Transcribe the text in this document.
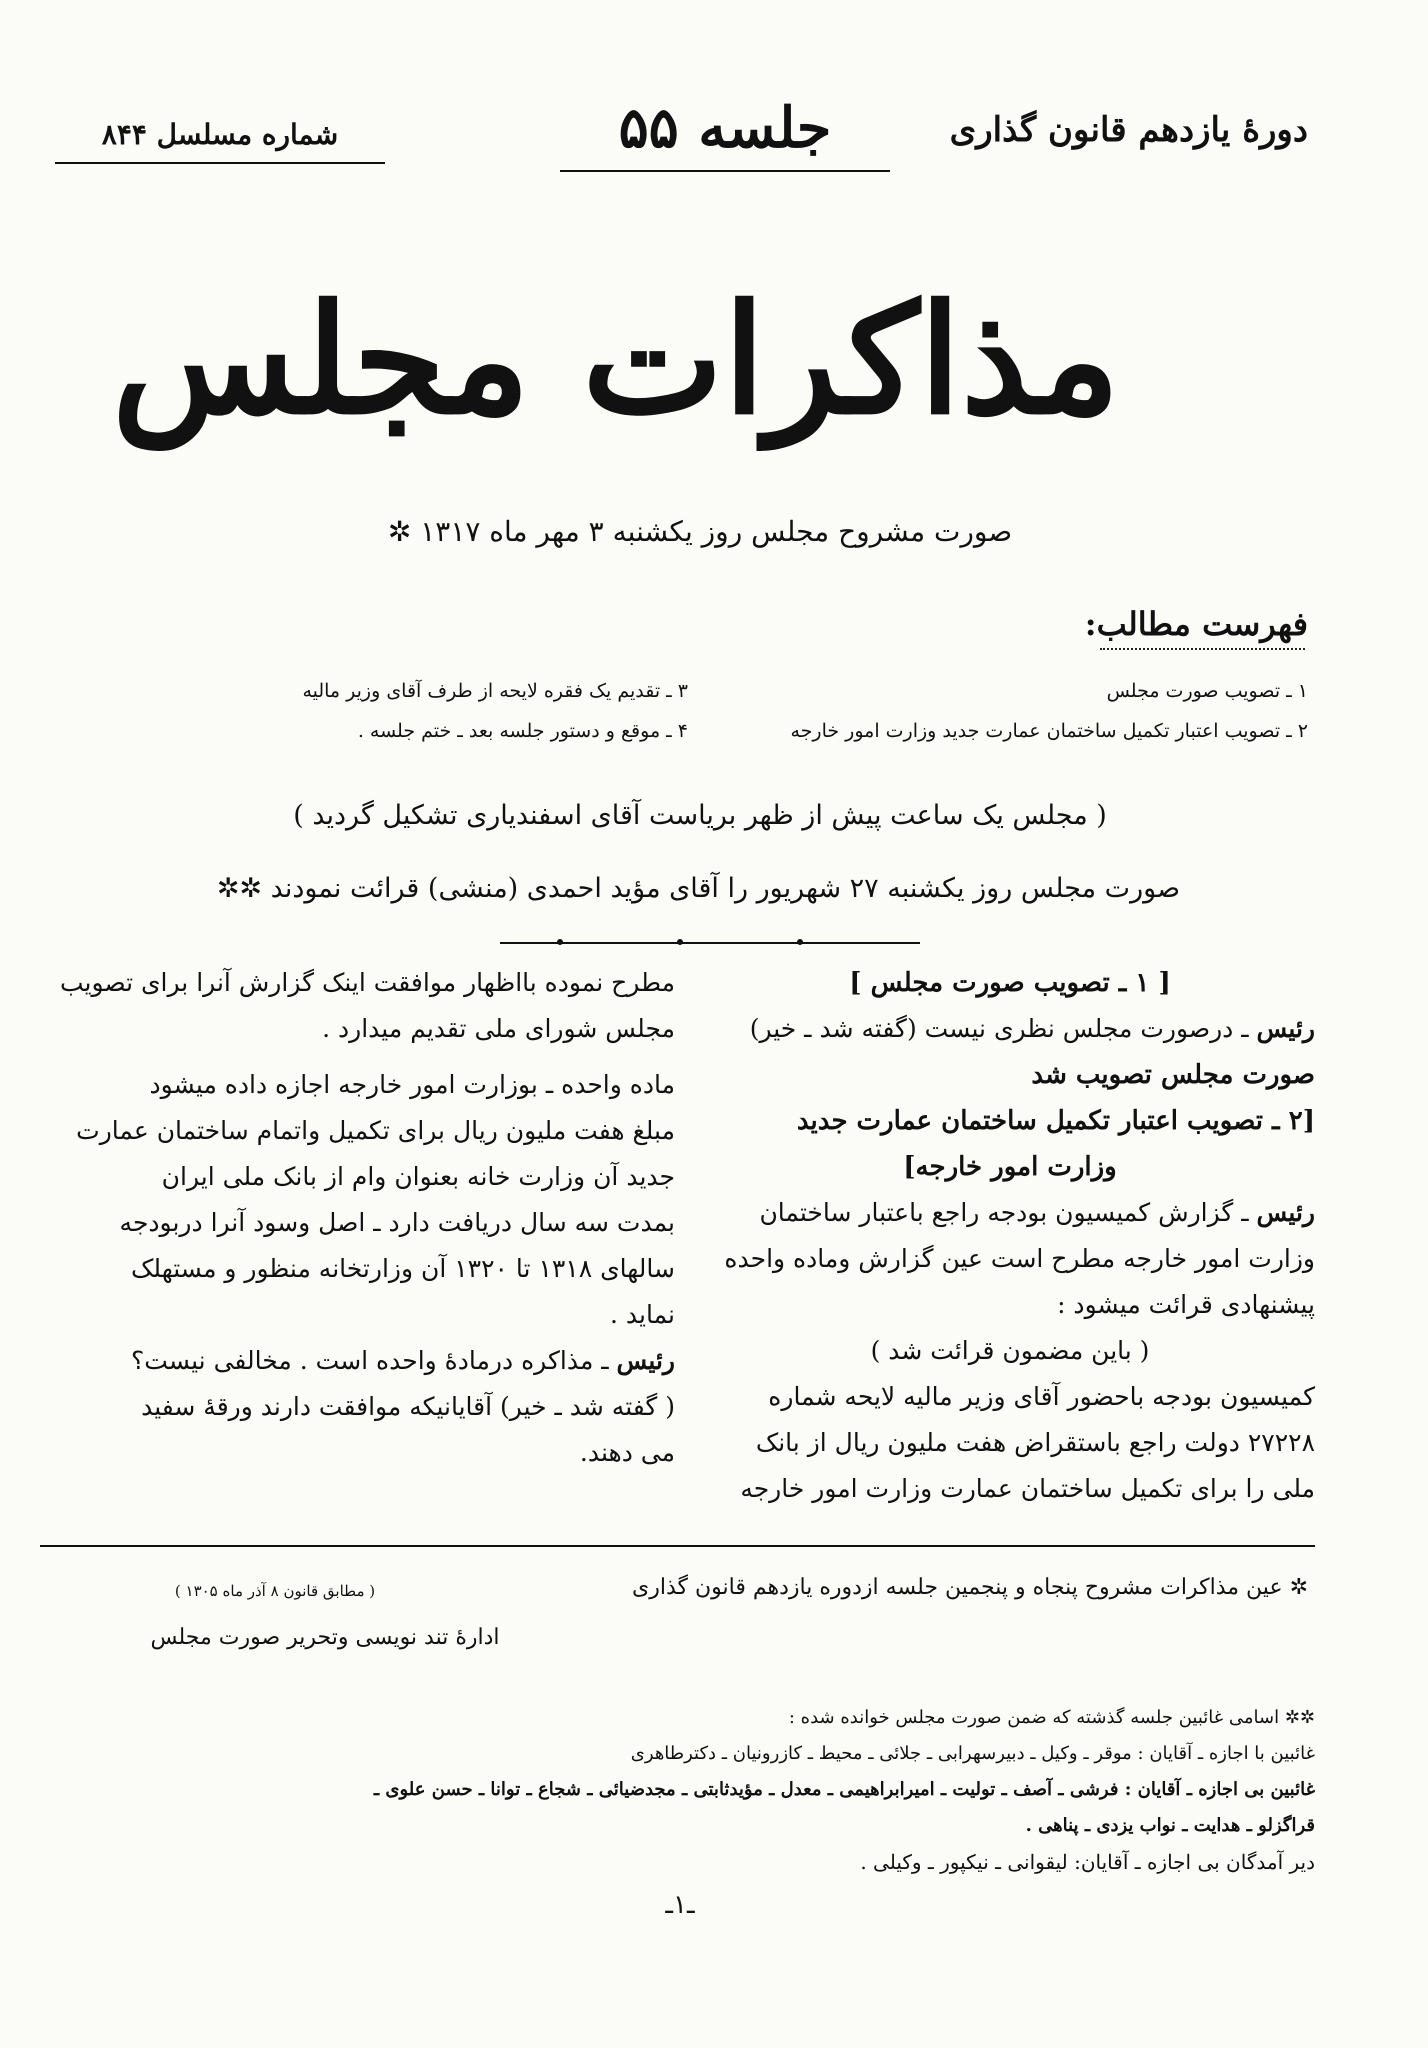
دورهٔ یازدهم قانون گذاری
جلسه ۵۵
شماره مسلسل ۸۴۴
مذاکرات مجلس
صورت مشروح مجلس روز یکشنبه ۳ مهر ماه ۱۳۱۷ ✲
فهرست مطالب:
۱ ـ تصویب صورت مجلس
۲ ـ تصویب اعتبار تکمیل ساختمان عمارت جدید وزارت امور خارجه
۳ ـ تقدیم یک فقره لایحه از طرف آقای وزیر مالیه
۴ ـ موقع و دستور جلسه بعد ـ ختم جلسه .
( مجلس یک ساعت پیش از ظهر بریاست آقای اسفندیاری تشکیل گردید )
صورت مجلس روز یکشنبه ۲۷ شهریور را آقای مؤید احمدی (منشی) قرائت نمودند ✲✲

[ ۱ ـ تصویب صورت مجلس ]

رئیس ـ درصورت مجلس نظری نیست (گفته شد ـ خیر)

صورت مجلس تصویب شد

[۲ ـ تصویب اعتبار تکمیل ساختمان عمارت جدید

وزارت امور خارجه]

رئیس ـ گزارش کمیسیون بودجه راجع باعتبار ساختمان

وزارت امور خارجه مطرح است عین گزارش وماده واحده

پیشنهادی قرائت میشود :

( باین مضمون قرائت شد )

کمیسیون بودجه باحضور آقای وزیر مالیه لایحه شماره

۲۷۲۲۸ دولت راجع باستقراض هفت ملیون ریال از بانک

ملی را برای تکمیل ساختمان عمارت وزارت امور خارجه

مطرح نموده بااظهار موافقت اینک گزارش آنرا برای تصویب

مجلس شورای ملی تقدیم میدارد .

ماده واحده ـ بوزارت امور خارجه اجازه داده میشود

مبلغ هفت ملیون ریال برای تکمیل واتمام ساختمان عمارت

جدید آن وزارت خانه بعنوان وام از بانک ملی ایران

بمدت سه سال دریافت دارد ـ اصل وسود آنرا دربودجه

سالهای ۱۳۱۸ تا ۱۳۲۰ آن وزارتخانه منظور و مستهلک

نماید .

رئیس ـ مذاکره درمادهٔ واحده است . مخالفی نیست؟

( گفته شد ـ خیر) آقایانیکه موافقت دارند ورقهٔ سفید

می دهند.

✲ عین مذاکرات مشروح پنجاه و پنجمین جلسه ازدوره یازدهم قانون گذاری
( مطابق قانون ۸ آذر ماه ۱۳۰۵ )
ادارهٔ تند نویسی وتحریر صورت مجلس

✲✲ اسامی غائبین جلسه گذشته که ضمن صورت مجلس خوانده شده :

غائبین با اجازه ـ آقایان : موقر ـ وکیل ـ دبیرسهرابی ـ جلائی ـ محیط ـ کازرونیان ـ دکترطاهری

غائبین بی اجازه ـ آقایان : فرشی ـ آصف ـ تولیت ـ امیرابراهیمی ـ معدل ـ مؤیدثابتی ـ مجدضیائی ـ شجاع ـ توانا ـ حسن علوی ـ

قراگزلو ـ هدایت ـ نواب یزدی ـ پناهی .

دیر آمدگان بی اجازه ـ آقایان: لیقوانی ـ نیکپور ـ وکیلی .

ـ۱ـ
